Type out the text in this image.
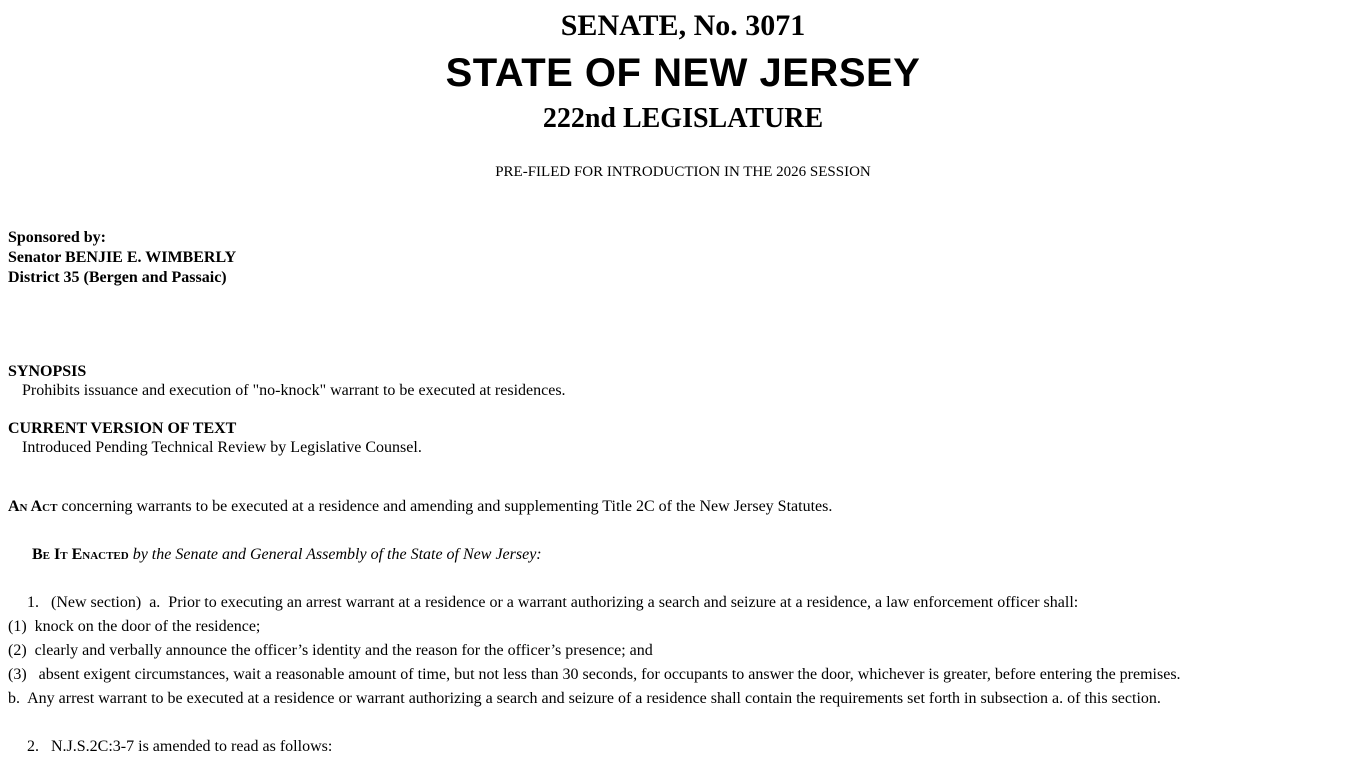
SENATE, No. 3071
STATE OF NEW JERSEY
222nd LEGISLATURE
PRE-FILED FOR INTRODUCTION IN THE 2026 SESSION

Sponsored by:

Senator BENJIE E. WIMBERLY

District 35 (Bergen and Passaic)

SYNOPSIS

Prohibits issuance and execution of "no-knock" warrant to be executed at residences.

CURRENT VERSION OF TEXT

Introduced Pending Technical Review by Legislative Counsel.

An Act concerning warrants to be executed at a residence and amending and supplementing Title 2C of the New Jersey Statutes.

Be It Enacted by the Senate and General Assembly of the State of New Jersey:

1.   (New section)  a.  Prior to executing an arrest warrant at a residence or a warrant authorizing a search and seizure at a residence, a law enforcement officer shall:

(1)  knock on the door of the residence;

(2)  clearly and verbally announce the officer’s identity and the reason for the officer’s presence; and

(3)   absent exigent circumstances, wait a reasonable amount of time, but not less than 30 seconds, for occupants to answer the door, whichever is greater, before entering the premises.

b.  Any arrest warrant to be executed at a residence or warrant authorizing a search and seizure of a residence shall contain the requirements set forth in subsection a. of this section.

2.   N.J.S.2C:3-7 is amended to read as follows:
